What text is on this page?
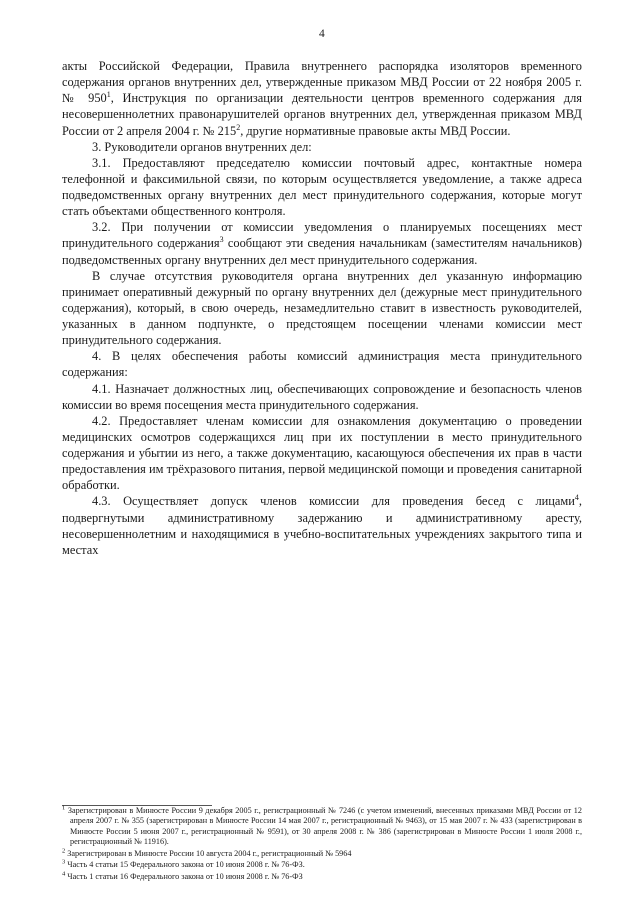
4

акты Российской Федерации, Правила внутреннего распорядка изоляторов временного содержания органов внутренних дел, утвержденные приказом МВД России от 22 ноября 2005 г. № $950^1$, Инструкция по организации деятельности центров временного содержания для несовершеннолетних правонарушителей органов внутренних дел, утвержденная приказом МВД России от 2 апреля 2004 г. № $215^2$, другие нормативные правовые акты МВД России.

3. Руководители органов внутренних дел:

3.1. Предоставляют председателю комиссии почтовый адрес, контактные номера телефонной и факсимильной связи, по которым осуществляется уведомление, а также адреса подведомственных органу внутренних дел мест принудительного содержания, которые могут стать объектами общественного контроля.

3.2. При получении от комиссии уведомления о планируемых посещениях мест принудительного содержания$^3$ сообщают эти сведения начальникам (заместителям начальников) подведомственных органу внутренних дел мест принудительного содержания.

В случае отсутствия руководителя органа внутренних дел указанную информацию принимает оперативный дежурный по органу внутренних дел (дежурные мест принудительного содержания), который, в свою очередь, незамедлительно ставит в известность руководителей, указанных в данном подпункте, о предстоящем посещении членами комиссии мест принудительного содержания.

4. В целях обеспечения работы комиссий администрация места принудительного содержания:

4.1. Назначает должностных лиц, обеспечивающих сопровождение и безопасность членов комиссии во время посещения места принудительного содержания.

4.2. Предоставляет членам комиссии для ознакомления документацию о проведении медицинских осмотров содержащихся лиц при их поступлении в место принудительного содержания и убытии из него, а также документацию, касающуюся обеспечения их прав в части предоставления им трёхразового питания, первой медицинской помощи и проведения санитарной обработки.

4.3. Осуществляет допуск членов комиссии для проведения бесед с лицами$^4$, подвергнутыми административному задержанию и административному аресту, несовершеннолетним и находящимися в учебно-воспитательных учреждениях закрытого типа и местах

$^1$ Зарегистрирован в Минюсте России 9 декабря 2005 г., регистрационный № 7246 (с учетом изменений, внесенных приказами МВД России от 12 апреля 2007 г. № 355 (зарегистрирован в Минюсте России 14 мая 2007 г., регистрационный № 9463), от 15 мая 2007 г. № 433 (зарегистрирован в Минюсте России 5 июня 2007 г., регистрационный № 9591), от 30 апреля 2008 г. № 386 (зарегистрирован в Минюсте России 1 июля 2008 г., регистрационный № 11916).
$^2$ Зарегистрирован в Минюсте России 10 августа 2004 г., регистрационный № 5964
$^3$ Часть 4 статьи 15 Федерального закона от 10 июня 2008 г. № 76-ФЗ.
$^4$ Часть 1 статьи 16 Федерального закона от 10 июня 2008 г. № 76-ФЗ
